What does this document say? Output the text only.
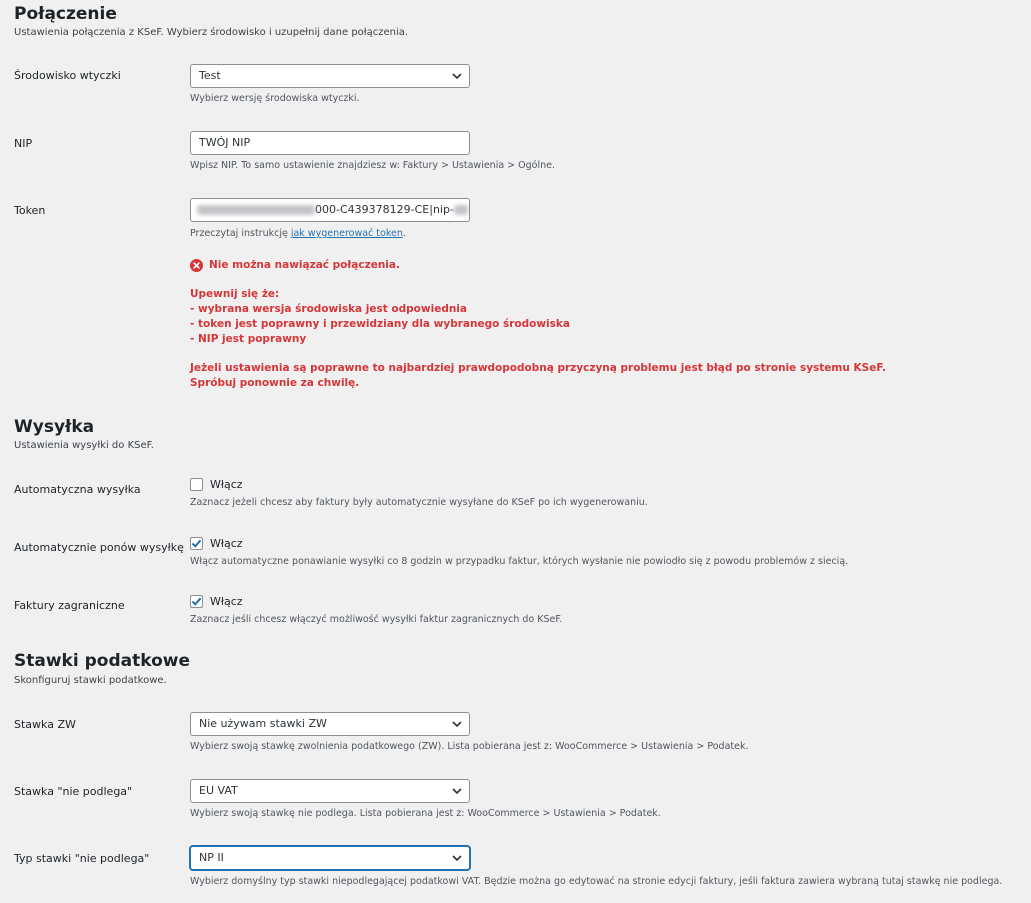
Połączenie
Ustawienia połączenia z KSeF. Wybierz środowisko i uzupełnij dane połączenia.
Środowisko wtyczki	Test
Wybierz wersję środowiska wtyczki.
NIP	TWÓJ NIP
Wpisz NIP. To samo ustawienie znajdziesz w: Faktury > Ustawienia > Ogólne.
Token	000-C439378129-CE|nip-
Przeczytaj instrukcję jak wygenerować token.
Nie można nawiązać połączenia.
Upewnij się że:
- wybrana wersja środowiska jest odpowiednia
- token jest poprawny i przewidziany dla wybranego środowiska
- NIP jest poprawny
Jeżeli ustawienia są poprawne to najbardziej prawdopodobną przyczyną problemu jest błąd po stronie systemu KSeF.
Spróbuj ponownie za chwilę.
Wysyłka
Ustawienia wysyłki do KSeF.
Automatyczna wysyłka	Włącz
Zaznacz jeżeli chcesz aby faktury były automatycznie wysyłane do KSeF po ich wygenerowaniu.
Automatycznie ponów wysyłkę Włącz
Włącz automatyczne ponawianie wysyłki co 8 godzin w przypadku faktur, których wysłanie nie powiodło się z powodu problemów z siecią.
Faktury zagraniczne	Włącz
Zaznacz jeśli chcesz włączyć możliwość wysyłki faktur zagranicznych do KSeF.
Stawki podatkowe
Skonfiguruj stawki podatkowe.
Stawka ZW	Nie używam stawki ZW
Wybierz swoją stawkę zwolnienia podatkowego (ZW). Lista pobierana jest z: WooCommerce > Ustawienia > Podatek.
Stawka "nie podlega"	EU VAT
Wybierz swoją stawkę nie podlega. Lista pobierana jest z: WooCommerce > Ustawienia > Podatek.
Typ stawki "nie podlega"	NP II
Wybierz domyślny typ stawki niepodlegającej podatkowi VAT. Będzie można go edytować na stronie edycji faktury, jeśli faktura zawiera wybraną tutaj stawkę nie podlega.
